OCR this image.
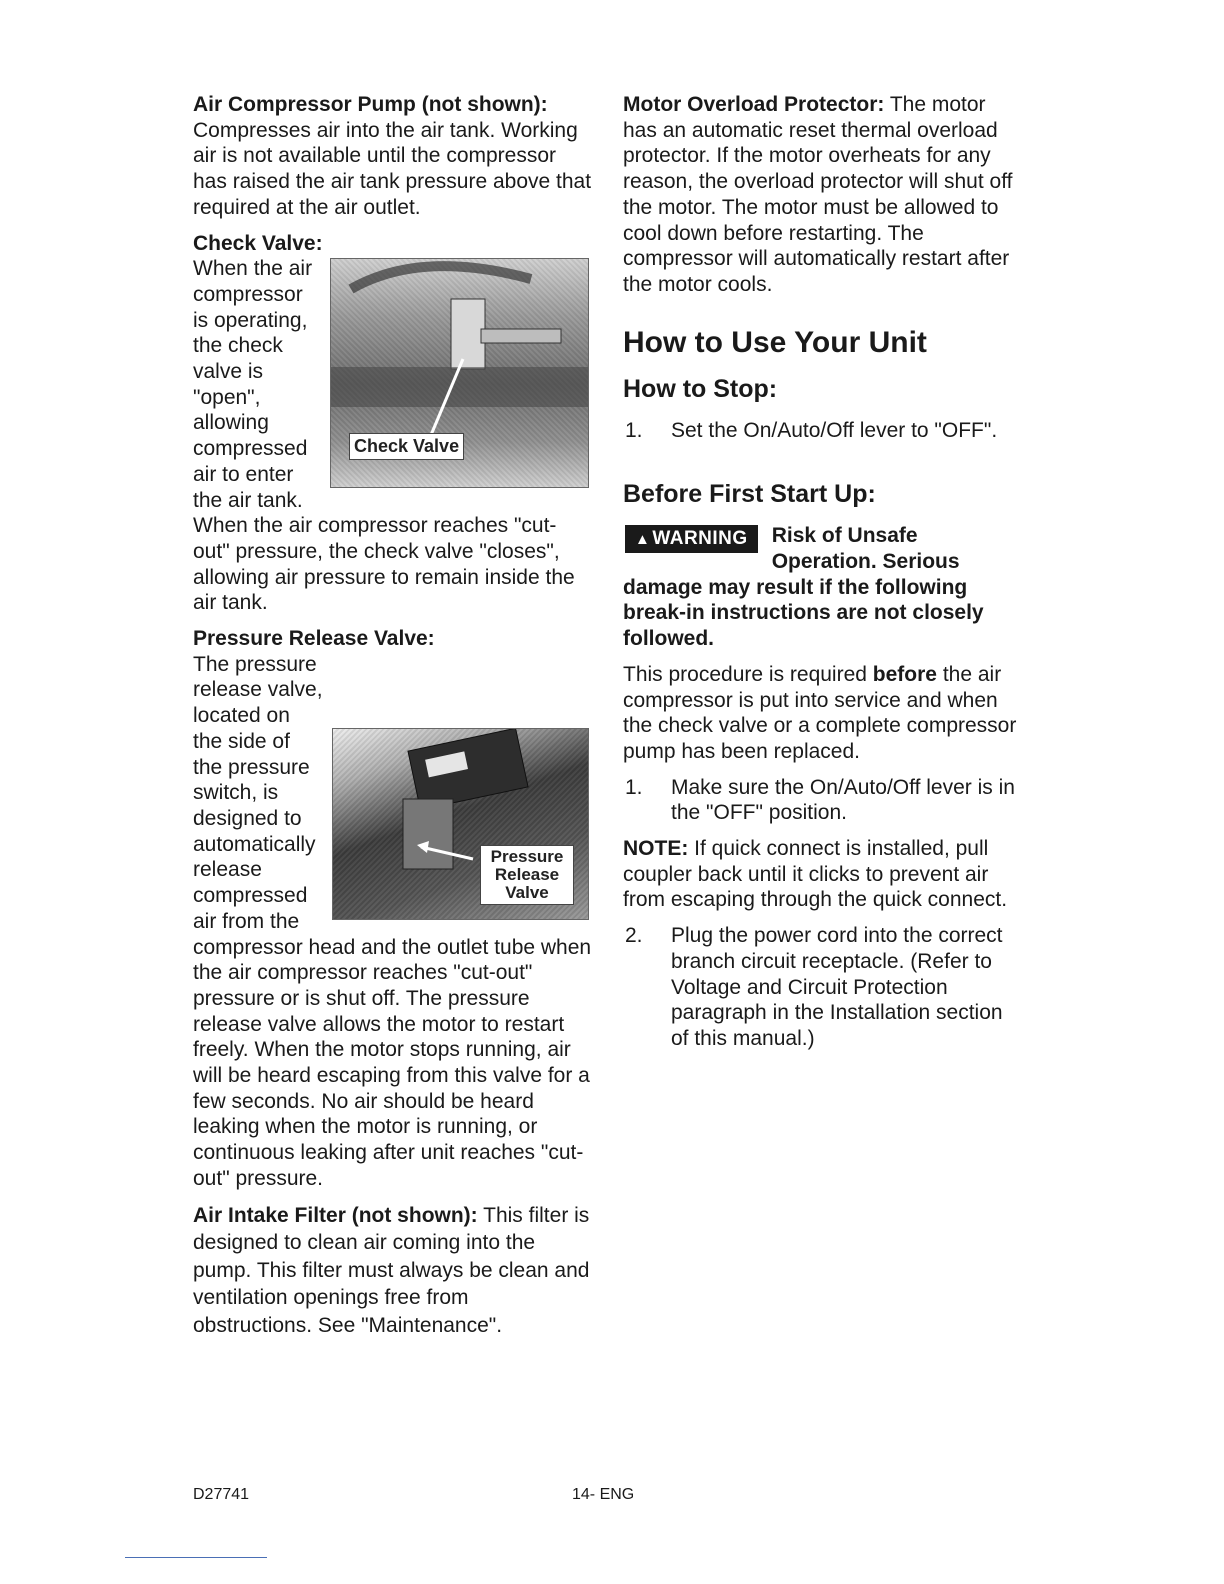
Air Compressor Pump (not shown): Compresses air into the air tank. Working air is not available until the compressor has raised the air tank pressure above that required at the air outlet.

Check Valve:

Check Valve

When the air compressor is operating, the check valve is "open", allowing compressed air to enter the air tank. When the air compressor reaches "cut-out" pressure, the check valve "closes", allowing air pressure to remain inside the air tank.

Pressure Release Valve:

Pressure
Release
Valve

The pressure release valve, located on the side of the pressure switch, is designed to automatically release compressed air from the compressor head and the outlet tube when the air compressor reaches "cut-out" pressure or is shut off. The pressure release valve allows the motor to restart freely. When the motor stops running, air will be heard escaping from this valve for a few seconds. No air should be heard leaking when the motor is running, or continuous leaking after unit reaches "cut-out" pressure.

Air Intake Filter (not shown): This filter is designed to clean air coming into the pump. This filter must always be clean and ventilation openings free from obstructions. See "Maintenance".

Motor Overload Protector: The motor has an automatic reset thermal overload protector. If the motor overheats for any reason, the overload protector will shut off the motor. The motor must be allowed to cool down before restarting. The compressor will automatically restart after the motor cools.

How to Use Your Unit
How to Stop:
1. Set the On/Auto/Off lever to "OFF".
Before First Start Up:
▲ WARNING	Risk of Unsafe Operation. Serious damage may result if the following break-in instructions are not closely followed.

This procedure is required before the air compressor is put into service and when the check valve or a complete compressor pump has been replaced.

1. Make sure the On/Auto/Off lever is in the "OFF" position.

NOTE: If quick connect is installed, pull coupler back until it clicks to prevent air from escaping through the quick connect.

2. Plug the power cord into the correct branch circuit receptacle. (Refer to Voltage and Circuit Protection paragraph in the Installation section of this manual.)
D27741	14- ENG
